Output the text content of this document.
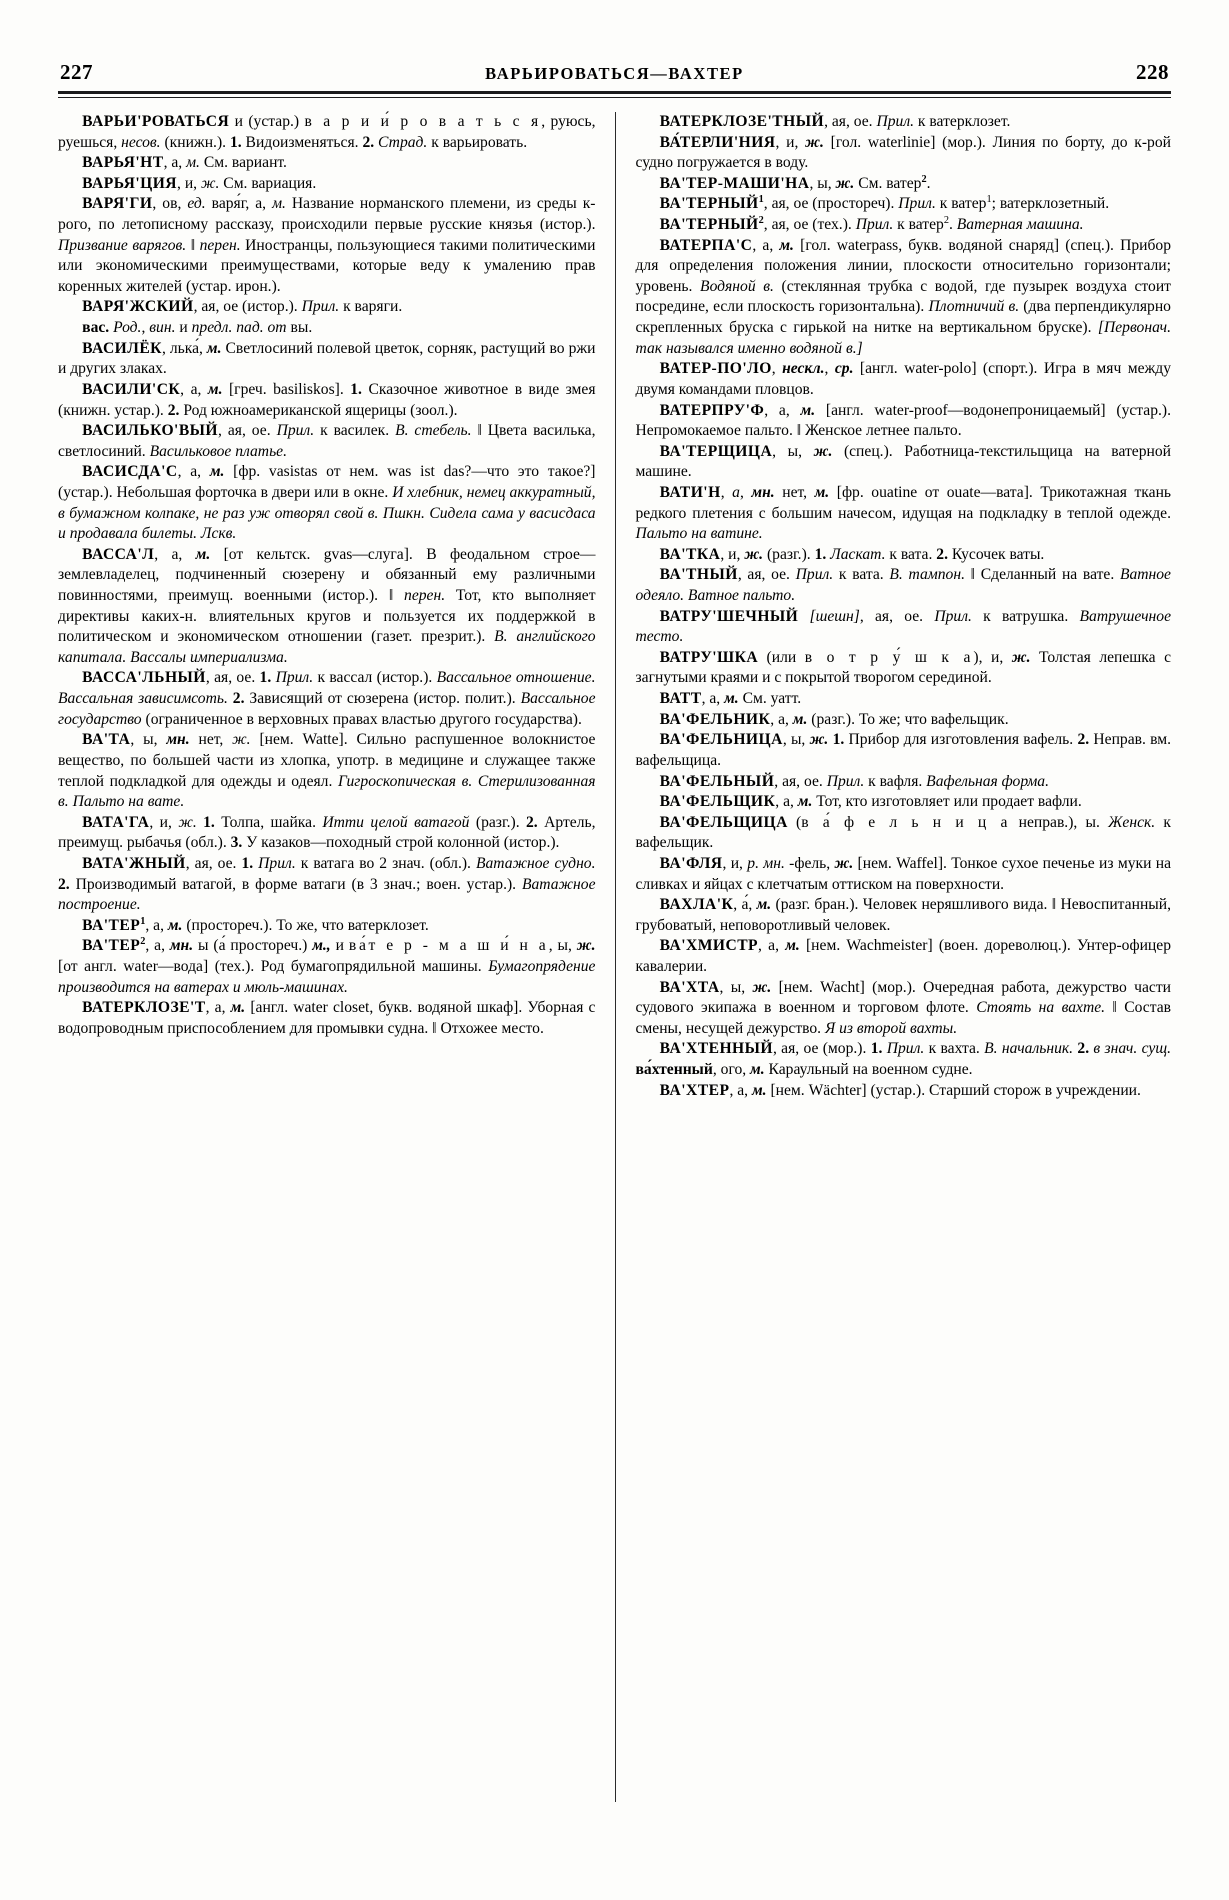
227	ВАРЬИРОВАТЬСЯ—ВАХТЕР	228

ВАРЬИ'РОВАТЬСЯ и (устар.) в а р и и́ р о в а т ь с я, руюсь, руешься, несов. (книжн.). 1. Видоизменяться. 2. Страд. к варьировать.

ВАРЬЯ'НТ, а, м. См. вариант.

ВАРЬЯ'ЦИЯ, и, ж. См. вариация.

ВАРЯ'ГИ, ов, ед. варя́г, а, м. Название норманского племени, из среды к-рого, по летописному рассказу, происходили первые русские князья (истор.). Призвание варягов. ‖ перен. Иностранцы, пользующиеся такими политическими или экономическими преимуществами, которые веду к умалению прав коренных жителей (устар. ирон.).

ВАРЯ'ЖСКИЙ, ая, ое (истор.). Прил. к варяги.

вас. Род., вин. и предл. пад. от вы.

ВАСИЛЁК, лька́, м. Светлосиний полевой цветок, сорняк, растущий во ржи и других злаках.

ВАСИЛИ'СК, а, м. [греч. basiliskos]. 1. Сказочное животное в виде змея (книжн. устар.). 2. Род южноамериканской ящерицы (зоол.).

ВАСИЛЬКО'ВЫЙ, ая, ое. Прил. к василек. В. стебель. ‖ Цвета василька, светлосиний. Васильковое платье.

ВАСИСДА'С, а, м. [фр. vasistas от нем. was ist das?—что это такое?] (устар.). Небольшая форточка в двери или в окне. И хлебник, немец аккуратный, в бумажном колпаке, не раз уж отворял свой в. Пшкн. Сидела сама у васисдаса и продавала билеты. Лскв.

ВАССА'Л, а, м. [от кельтск. gvas—слуга]. В феодальном строе—землевладелец, подчиненный сюзерену и обязанный ему различными повинностями, преимущ. военными (истор.). ‖ перен. Тот, кто выполняет директивы каких-н. влиятельных кругов и пользуется их поддержкой в политическом и экономическом отношении (газет. презрит.). В. английского капитала. Вассалы империализма.

ВАССА'ЛЬНЫЙ, ая, ое. 1. Прил. к вассал (истор.). Вассальное отношение. Вассальная зависимсоть. 2. Зависящий от сюзерена (истор. полит.). Вассальное государство (ограниченное в верховных правах властью другого государства).

ВА'ТА, ы, мн. нет, ж. [нем. Watte]. Сильно распушенное волокнистое вещество, по большей части из хлопка, употр. в медицине и служащее также теплой подкладкой для одежды и одеял. Гигроскопическая в. Стерилизованная в. Пальто на вате.

ВАТА'ГА, и, ж. 1. Толпа, шайка. Итти целой ватагой (разг.). 2. Артель, преимущ. рыбачья (обл.). 3. У казаков—походный строй колонной (истор.).

ВАТА'ЖНЫЙ, ая, ое. 1. Прил. к ватага во 2 знач. (обл.). Ватажное судно. 2. Производимый ватагой, в форме ватаги (в 3 знач.; воен. устар.). Ватажное построение.

ВА'ТЕР$^1$, а, м. (простореч.). То же, что ватерклозет.

ВА'ТЕР$^2$, а, мн. ы (а́ простореч.) м., и ва́т е р - м а ш и́ н а, ы, ж. [от англ. water—вода] (тех.). Род бумагопрядильной машины. Бумагопрядение производится на ватерах и мюль-машинах.

ВАТЕРКЛОЗЕ'Т, а, м. [англ. water closet, букв. водяной шкаф]. Уборная с водопроводным приспособлением для промывки судна. ‖ Отхожее место.

ВАТЕРКЛОЗЕ'ТНЫЙ, ая, ое. Прил. к ватерклозет.

ВА́ТЕРЛИ'НИЯ, и, ж. [гол. waterlinie] (мор.). Линия по борту, до к-рой судно погружается в воду.

ВА'ТЕР-МАШИ'НА, ы, ж. См. ватер$^2$.

ВА'ТЕРНЫЙ$^1$, ая, ое (простореч). Прил. к ватер$^1$; ватерклозетный.

ВА'ТЕРНЫЙ$^2$, ая, ое (тех.). Прил. к ватер$^2$. Ватерная машина.

ВАТЕРПА'С, а, м. [гол. waterpass, букв. водяной снаряд] (спец.). Прибор для определения положения линии, плоскости относительно горизонтали; уровень. Водяной в. (стеклянная трубка с водой, где пузырек воздуха стоит посредине, если плоскость горизонтальна). Плотничий в. (два перпендикулярно скрепленных бруска с гирькой на нитке на вертикальном бруске). [Первонач. так назывался именно водяной в.]

ВАТЕР-ПО'ЛО, нескл., ср. [англ. water-polo] (спорт.). Игра в мяч между двумя командами пловцов.

ВАТЕРПРУ'Ф, а, м. [англ. water-proof—водонепроницаемый] (устар.). Непромокаемое пальто. ‖ Женское летнее пальто.

ВА'ТЕРЩИЦА, ы, ж. (спец.). Работница-текстильщица на ватерной машине.

ВАТИ'Н, а, мн. нет, м. [фр. ouatine от ouate—вата]. Трикотажная ткань редкого плетения с большим начесом, идущая на подкладку в теплой одежде. Пальто на ватине.

ВА'ТКА, и, ж. (разг.). 1. Ласкат. к вата. 2. Кусочек ваты.

ВА'ТНЫЙ, ая, ое. Прил. к вата. В. тампон. ‖ Сделанный на вате. Ватное одеяло. Ватное пальто.

ВАТРУ'ШЕЧНЫЙ [шешн], ая, ое. Прил. к ватрушка. Ватрушечное тесто.

ВАТРУ'ШКА (или в о т р у́ ш к а), и, ж. Толстая лепешка с загнутыми краями и с покрытой творогом серединой.

ВАТТ, а, м. См. уатт.

ВА'ФЕЛЬНИК, а, м. (разг.). То же; что вафельщик.

ВА'ФЕЛЬНИЦА, ы, ж. 1. Прибор для изготовления вафель. 2. Неправ. вм. вафельщица.

ВА'ФЕЛЬНЫЙ, ая, ое. Прил. к вафля. Вафельная форма.

ВА'ФЕЛЬЩИК, а, м. Тот, кто изготовляет или продает вафли.

ВА'ФЕЛЬЩИЦА (в а́ ф е л ь н и ц а неправ.), ы. Женск. к вафельщик.

ВА'ФЛЯ, и, р. мн. -фель, ж. [нем. Waffel]. Тонкое сухое печенье из муки на сливках и яйцах с клетчатым оттиском на поверхности.

ВАХЛА'К, а́, м. (разг. бран.). Человек неряшливого вида. ‖ Невоспитанный, грубоватый, неповоротливый человек.

ВА'ХМИСТР, а, м. [нем. Wachmeister] (воен. дореволюц.). Унтер-офицер кавалерии.

ВА'ХТА, ы, ж. [нем. Wacht] (мор.). Очередная работа, дежурство части судового экипажа в военном и торговом флоте. Стоять на вахте. ‖ Состав смены, несущей дежурство. Я из второй вахты.

ВА'ХТЕННЫЙ, ая, ое (мор.). 1. Прил. к вахта. В. начальник. 2. в знач. сущ. ва́хтенный, ого, м. Караульный на военном судне.

ВА'ХТЕР, а, м. [нем. Wächter] (устар.). Старший сторож в учреждении.
